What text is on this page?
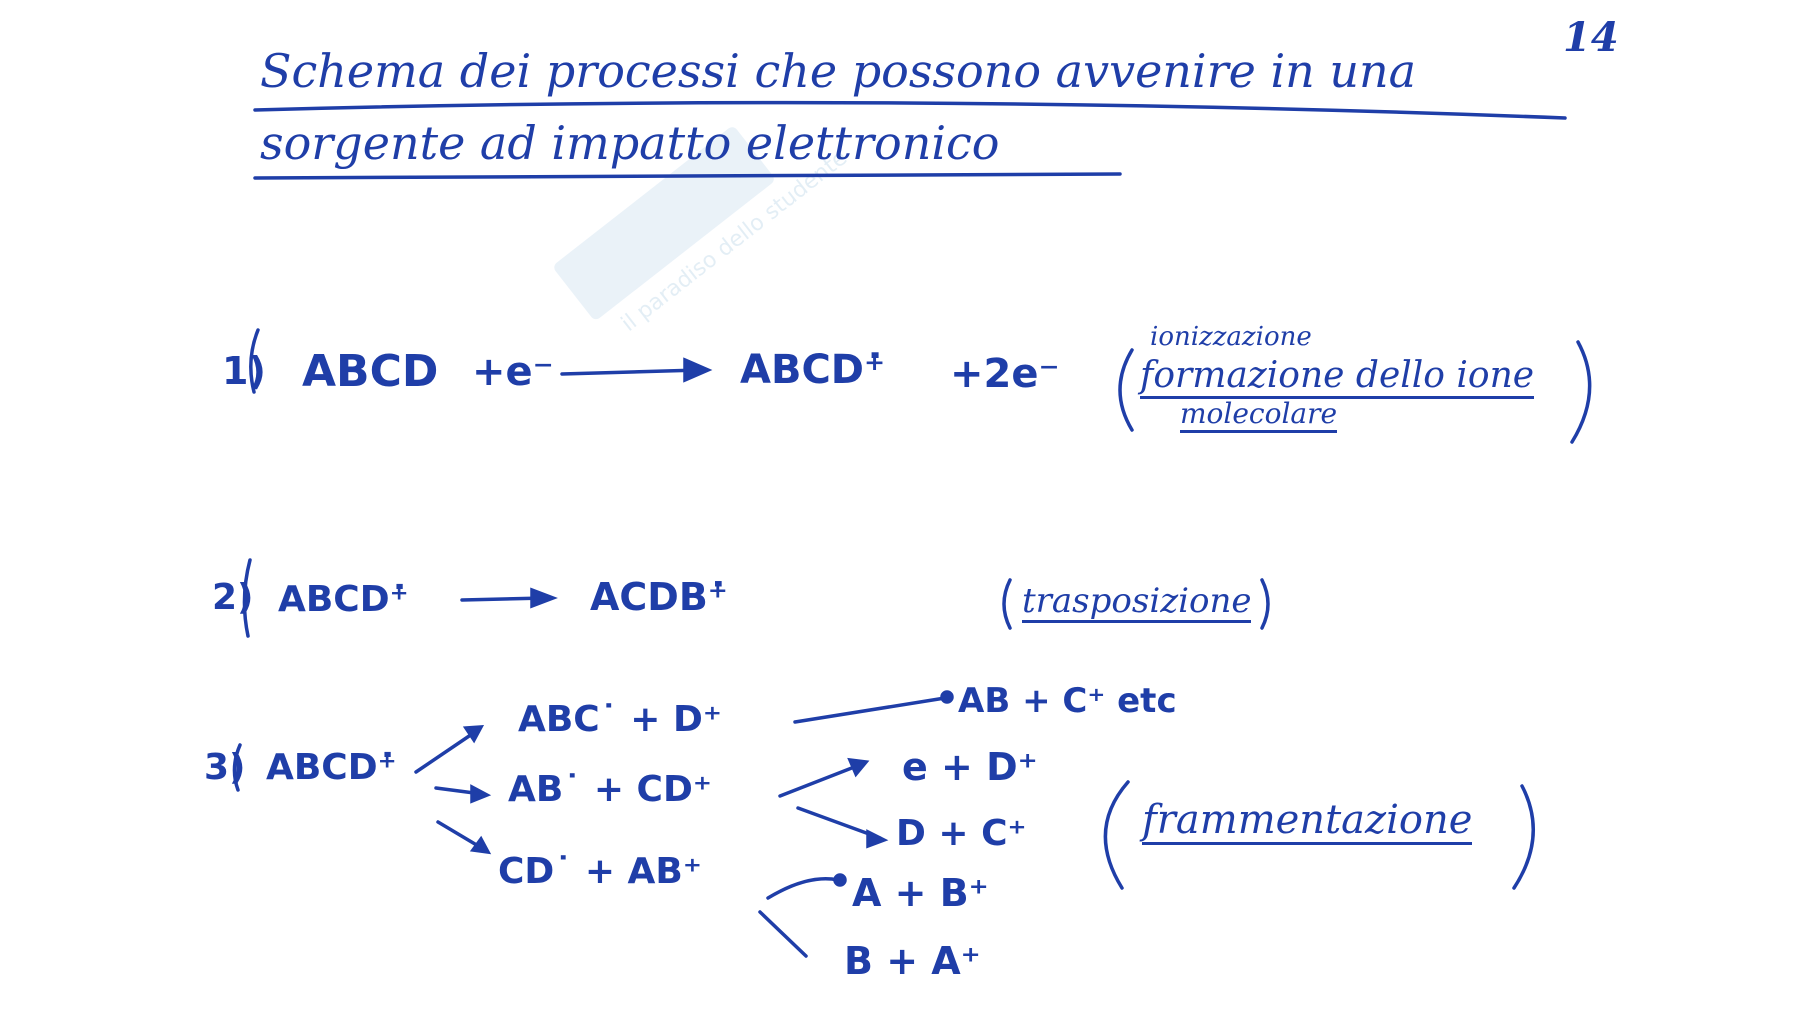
il paradiso dello studente
14
Schema dei processi che possono avvenire in una
sorgente ad impatto elettronico
1) ABCD +e⁻	ABCD⁺̇ +2e⁻
ionizzazione
formazione dello ione
molecolare
2) ABCD⁺̇	ACDB⁺̇	trasposizione
3) ABCD⁺̇
ABC˙ + D⁺
AB˙ + CD⁺
CD˙ + AB⁺
AB + C⁺ etc
e + D⁺
D + C⁺
A + B⁺
B + A⁺
frammentazione
